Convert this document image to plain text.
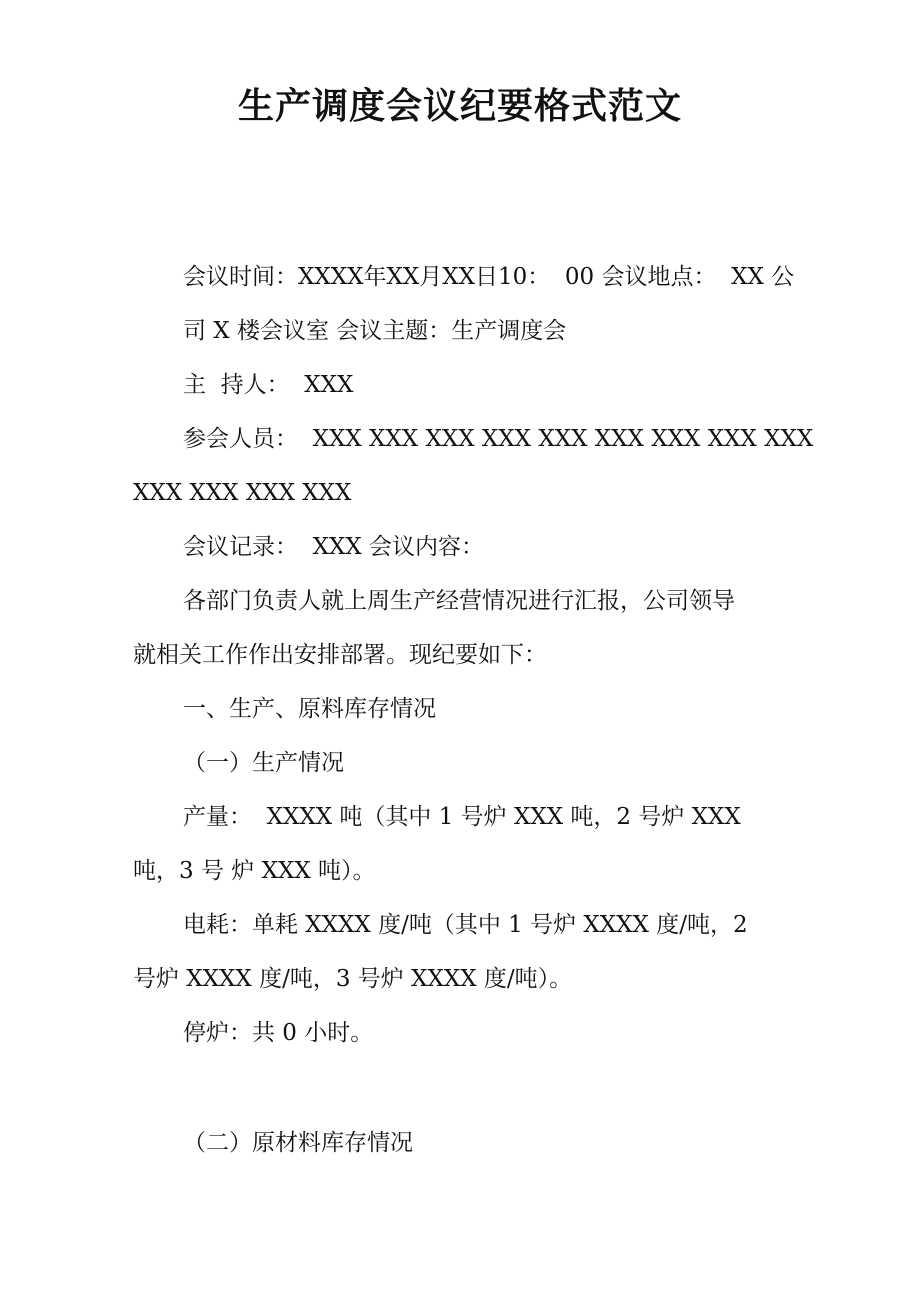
生产调度会议纪要格式范文

会议时间：XXXX年XX月XX日10：  00 会议地点：  XX 公

司 X 楼会议室 会议主题：生产调度会

主  持人：  XXX

参会人员：  XXX XXX XXX XXX XXX XXX XXX XXX XXX

XXX XXX XXX XXX

会议记录：  XXX 会议内容：

各部门负责人就上周生产经营情况进行汇报，公司领导

就相关工作作出安排部署。现纪要如下：

一、生产、原料库存情况

（一）生产情况

产量：  XXXX 吨（其中 1 号炉 XXX 吨，2 号炉 XXX

吨，3 号 炉 XXX 吨）。

电耗：单耗 XXXX 度/吨（其中 1 号炉 XXXX 度/吨，2

号炉 XXXX 度/吨，3 号炉 XXXX 度/吨）。

停炉：共 0 小时。

（二）原材料库存情况
